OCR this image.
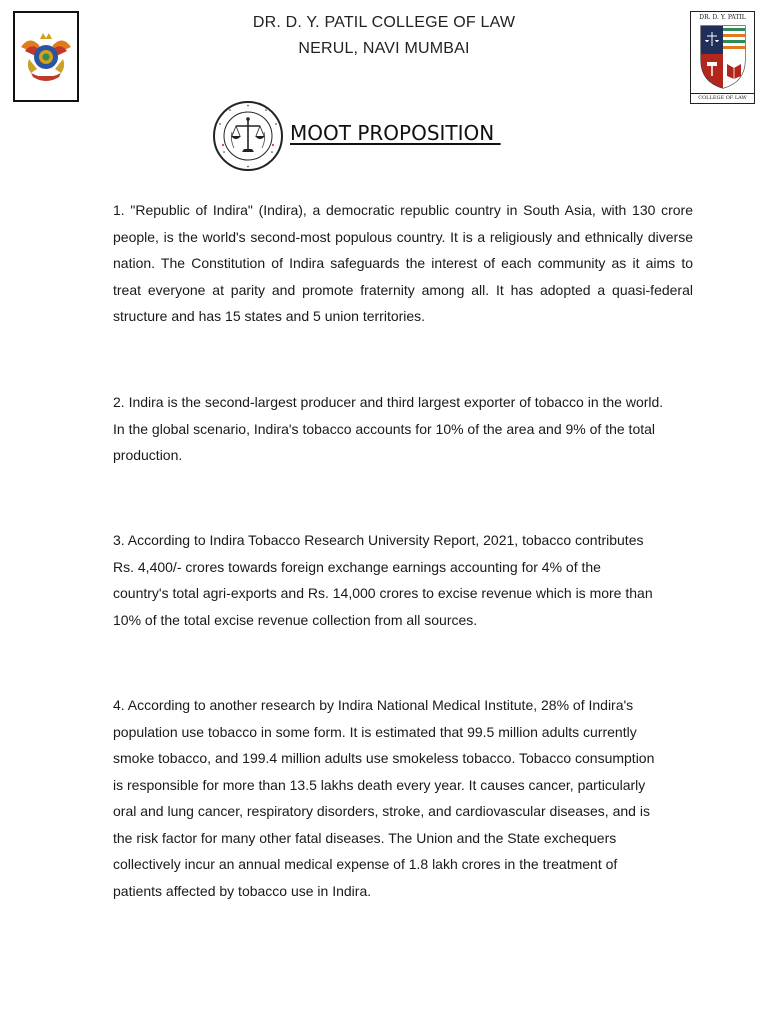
DR. D. Y. PATIL COLLEGE OF LAW
NERUL, NAVI MUMBAI
DR. D. Y. PATIL
COLLEGE OF LAW
MOOT PROPOSITION

1. "Republic of Indira" (Indira), a democratic republic country in South Asia, with 130 crore people, is the world's second-most populous country. It is a religiously and ethnically diverse nation. The Constitution of Indira safeguards the interest of each community as it aims to treat everyone at parity and promote fraternity among all. It has adopted a quasi-federal structure and has 15 states and 5 union territories.

2. Indira is the second-largest producer and third largest exporter of tobacco in the world. In the global scenario, Indira's tobacco accounts for 10% of the area and 9% of the total production.

3. According to Indira Tobacco Research University Report, 2021, tobacco contributes Rs. 4,400/- crores towards foreign exchange earnings accounting for 4% of the country's total agri-exports and Rs. 14,000 crores to excise revenue which is more than 10% of the total excise revenue collection from all sources.

4. According to another research by Indira National Medical Institute, 28% of Indira's population use tobacco in some form. It is estimated that 99.5 million adults currently smoke tobacco, and 199.4 million adults use smokeless tobacco. Tobacco consumption is responsible for more than 13.5 lakhs death every year. It causes cancer, particularly oral and lung cancer, respiratory disorders, stroke, and cardiovascular diseases, and is the risk factor for many other fatal diseases. The Union and the State exchequers collectively incur an annual medical expense of 1.8 lakh crores in the treatment of patients affected by tobacco use in Indira.
